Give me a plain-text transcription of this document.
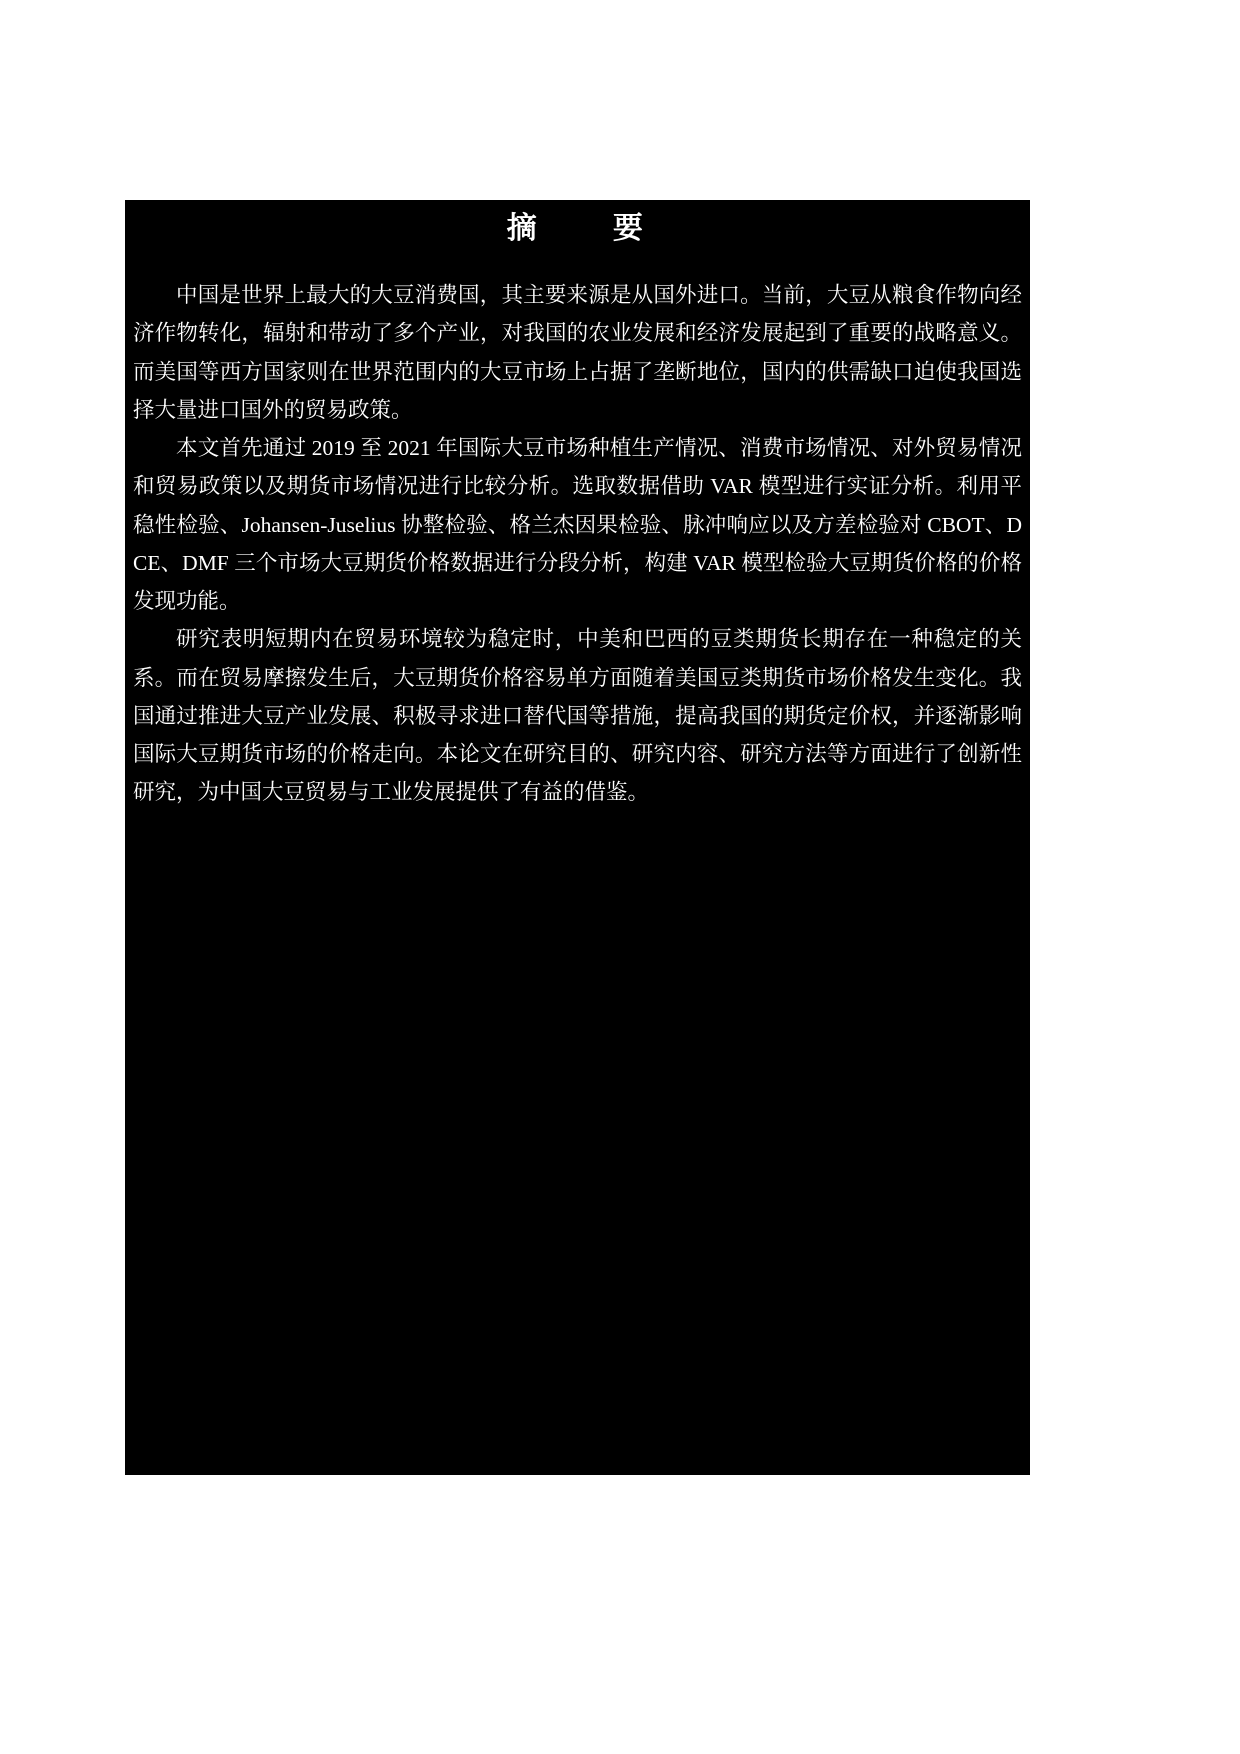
摘　　要

中国是世界上最大的大豆消费国，其主要来源是从国外进口。当前，大豆从粮食作物向经济作物转化，辐射和带动了多个产业，对我国的农业发展和经济发展起到了重要的战略意义。而美国等西方国家则在世界范围内的大豆市场上占据了垄断地位，国内的供需缺口迫使我国选择大量进口国外的贸易政策。

本文首先通过 2019 至 2021 年国际大豆市场种植生产情况、消费市场情况、对外贸易情况和贸易政策以及期货市场情况进行比较分析。选取数据借助 VAR 模型进行实证分析。利用平稳性检验、Johansen-Juselius 协整检验、格兰杰因果检验、脉冲响应以及方差检验对 CBOT、DCE、DMF 三个市场大豆期货价格数据进行分段分析，构建 VAR 模型检验大豆期货价格的价格发现功能。

研究表明短期内在贸易环境较为稳定时，中美和巴西的豆类期货长期存在一种稳定的关系。而在贸易摩擦发生后，大豆期货价格容易单方面随着美国豆类期货市场价格发生变化。我国通过推进大豆产业发展、积极寻求进口替代国等措施，提高我国的期货定价权，并逐渐影响国际大豆期货市场的价格走向。本论文在研究目的、研究内容、研究方法等方面进行了创新性研究，为中国大豆贸易与工业发展提供了有益的借鉴。
